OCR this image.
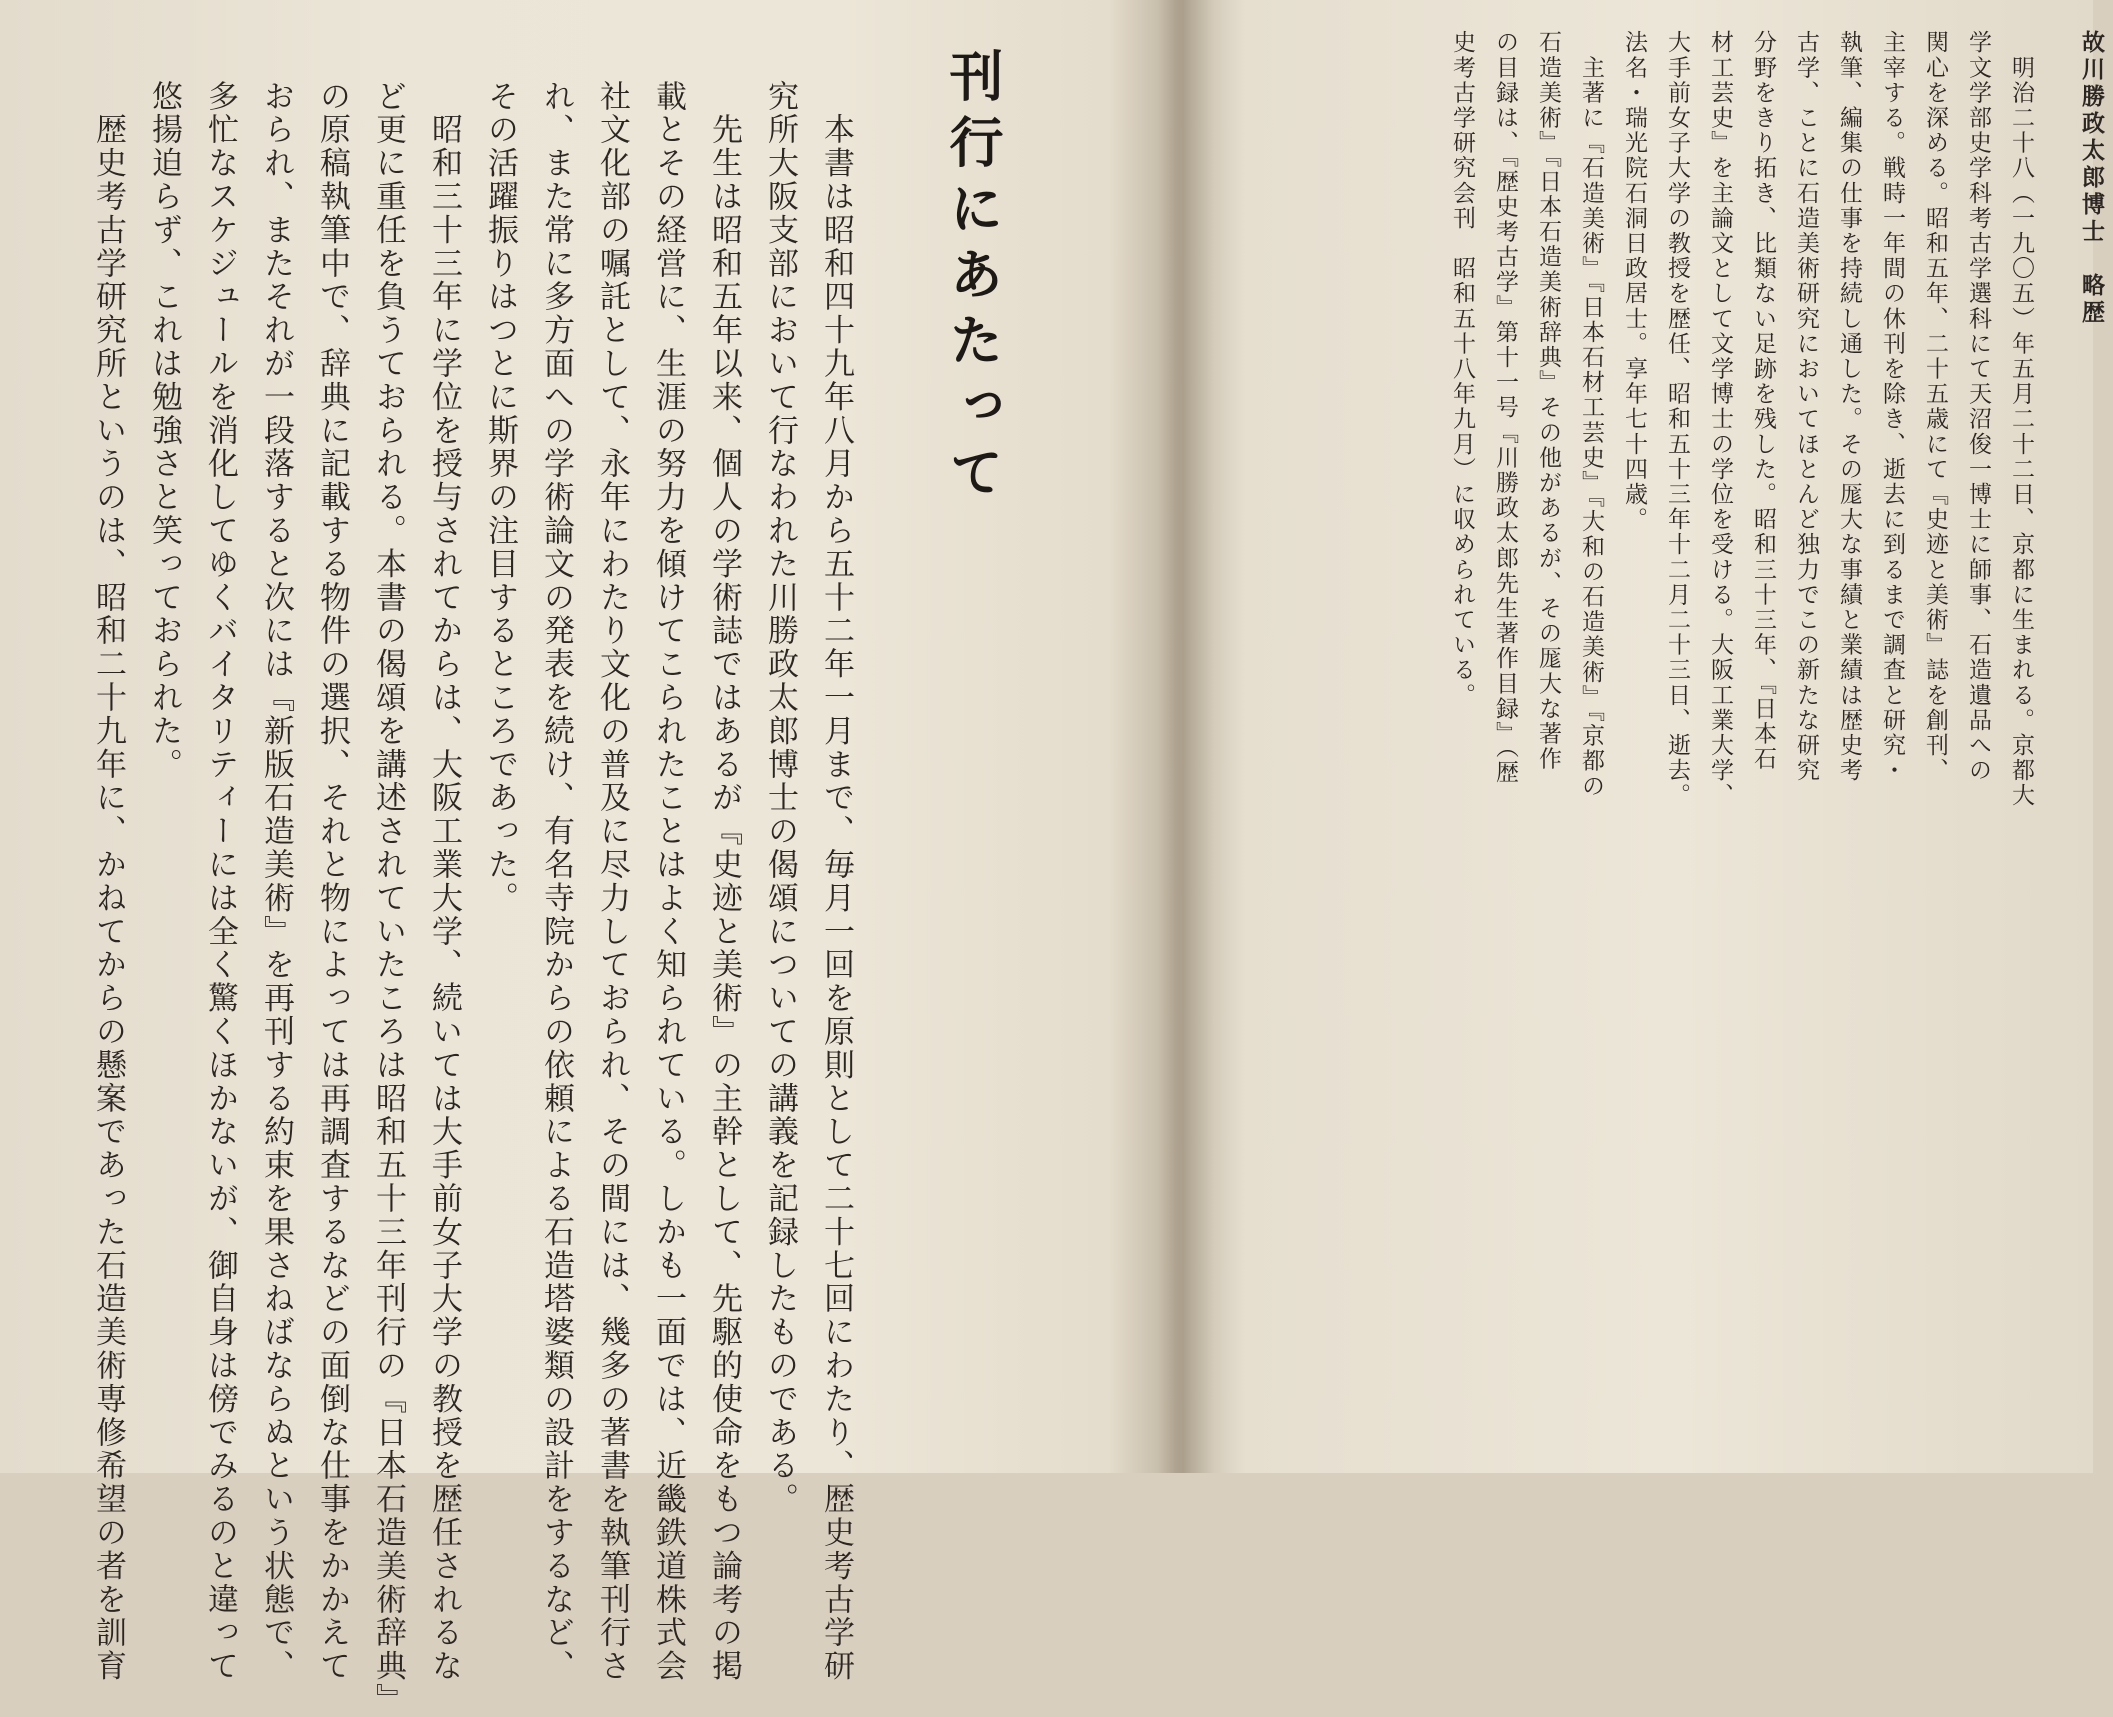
刊行にあたって
　本書は昭和四十九年八月から五十二年一月まで、毎月一回を原則として二十七回にわたり、歴史考古学研
究所大阪支部において行なわれた川勝政太郎博士の偈頌についての講義を記録したものである。
　先生は昭和五年以来、個人の学術誌ではあるが『史迹と美術』の主幹として、先駆的使命をもつ論考の掲
載とその経営に、生涯の努力を傾けてこられたことはよく知られている。しかも一面では、近畿鉄道株式会
社文化部の嘱託として、永年にわたり文化の普及に尽力しておられ、その間には、幾多の著書を執筆刊行さ
れ、また常に多方面への学術論文の発表を続け、有名寺院からの依頼による石造塔婆類の設計をするなど、
その活躍振りはつとに斯界の注目するところであった。
　昭和三十三年に学位を授与されてからは、大阪工業大学、続いては大手前女子大学の教授を歴任されるな
ど更に重任を負うておられる。本書の偈頌を講述されていたころは昭和五十三年刊行の『日本石造美術辞典』
の原稿執筆中で、辞典に記載する物件の選択、それと物によっては再調査するなどの面倒な仕事をかかえて
おられ、またそれが一段落すると次には『新版石造美術』を再刊する約束を果さねばならぬという状態で、
多忙なスケジュールを消化してゆくバイタリティーには全く驚くほかないが、御自身は傍でみるのと違って
悠揚迫らず、これは勉強さと笑っておられた。
　歴史考古学研究所というのは、昭和二十九年に、かねてからの懸案であった石造美術専修希望の者を訓育	故川勝政太郎博士　略歴
　明治二十八（一九〇五）年五月二十二日、京都に生まれる。京都大
学文学部史学科考古学選科にて天沼俊一博士に師事、石造遺品への
関心を深める。昭和五年、二十五歳にて『史迹と美術』誌を創刊、
主宰する。戦時一年間の休刊を除き、逝去に到るまで調査と研究・
執筆、編集の仕事を持続し通した。その厖大な事績と業績は歴史考
古学、ことに石造美術研究においてほとんど独力でこの新たな研究
分野をきり拓き、比類ない足跡を残した。昭和三十三年、『日本石
材工芸史』を主論文として文学博士の学位を受ける。大阪工業大学、
大手前女子大学の教授を歴任、昭和五十三年十二月二十三日、逝去。
法名・瑞光院石洞日政居士。享年七十四歳。
　主著に『石造美術』『日本石材工芸史』『大和の石造美術』『京都の
石造美術』『日本石造美術辞典』その他があるが、その厖大な著作
の目録は、『歴史考古学』第十一号『川勝政太郎先生著作目録』（歴
史考古学研究会刊　昭和五十八年九月）に収められている。
